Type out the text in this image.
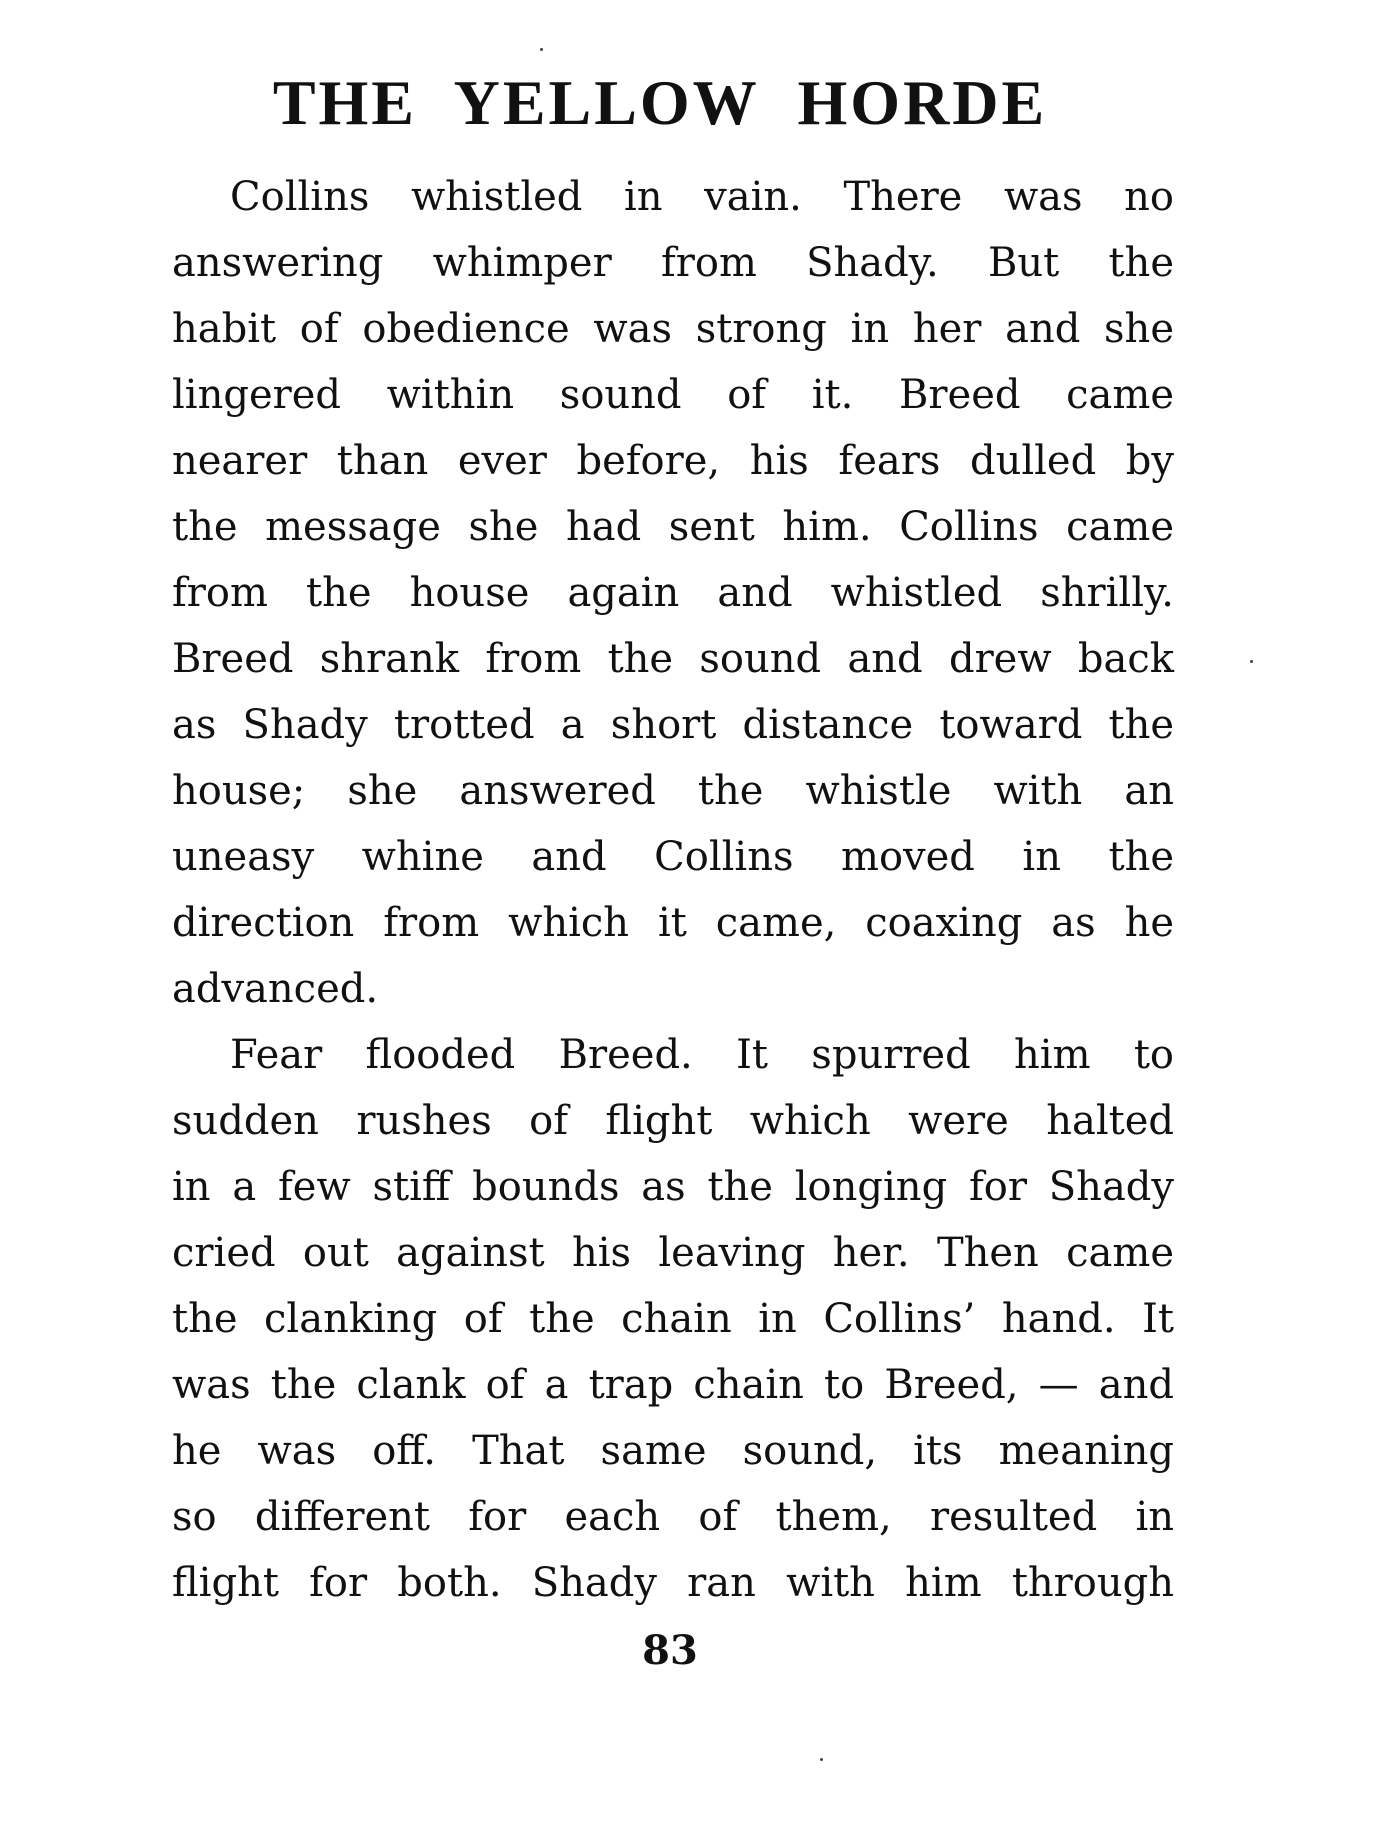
THE YELLOW HORDE
Collins whistled in vain. There was no
answering whimper from Shady. But the
habit of obedience was strong in her and she
lingered within sound of it. Breed came
nearer than ever before, his fears dulled by
the message she had sent him. Collins came
from the house again and whistled shrilly.
Breed shrank from the sound and drew back
as Shady trotted a short distance toward the
house; she answered the whistle with an
uneasy whine and Collins moved in the
direction from which it came, coaxing as he
advanced.
Fear flooded Breed. It spurred him to
sudden rushes of flight which were halted
in a few stiff bounds as the longing for Shady
cried out against his leaving her. Then came
the clanking of the chain in Collins’ hand. It
was the clank of a trap chain to Breed, — and
he was off. That same sound, its meaning
so different for each of them, resulted in
flight for both. Shady ran with him through
83
